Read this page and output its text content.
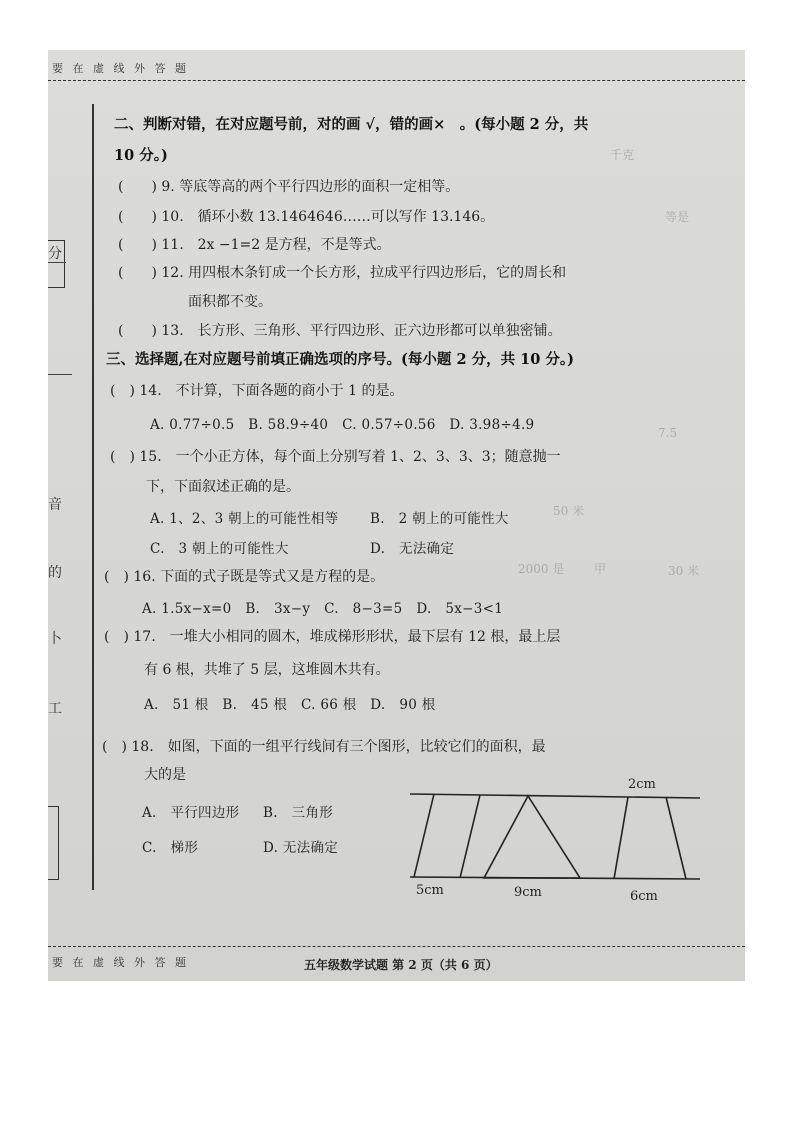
要 在 虚 线 外 答 题
分
音
的
卜
工
千克
等是
50 米
2000 是	30 米
甲
7.5
二、判断对错，在对应题号前，对的画 √，错的画×　。(每小题 2 分，共
10 分。)
(　　) 9. 等底等高的两个平行四边形的面积一定相等。
(　　) 10.　循环小数 13.1464646……可以写作 13.146。
(　　) 11.　2x −1=2 是方程，不是等式。
(　　) 12. 用四根木条钉成一个长方形，拉成平行四边形后，它的周长和
面积都不变。
(　　) 13.　长方形、三角形、平行四边形、正六边形都可以单独密铺。
三、选择题,在对应题号前填正确选项的序号。(每小题 2 分，共 10 分。)
(　) 14.　不计算，下面各题的商小于 1 的是。
A. 0.77÷0.5　B. 58.9÷40　C. 0.57÷0.56　D. 3.98÷4.9
(　) 15.　一个小正方体，每个面上分别写着 1、2、3、3、3；随意抛一
下，下面叙述正确的是。
A. 1、2、3 朝上的可能性相等 B.　2 朝上的可能性大
C.　3 朝上的可能性大	D.　无法确定
(　) 16. 下面的式子既是等式又是方程的是。
A. 1.5x−x=0　B.　3x−y　C.　8−3=5　D.　5x−3<1
(　) 17.　一堆大小相同的圆木，堆成梯形形状，最下层有 12 根，最上层
有 6 根，共堆了 5 层，这堆圆木共有。
A.　51 根　B.　45 根　C. 66 根　D.　90 根
(　) 18.　如图，下面的一组平行线间有三个图形，比较它们的面积，最
大的是
A.　平行四边形 B.　三角形
C.　梯形	D. 无法确定
2cm
5cm	9cm	6cm
要 在 虚 线 外 答 题	五年级数学试题 第 2 页（共 6 页）
